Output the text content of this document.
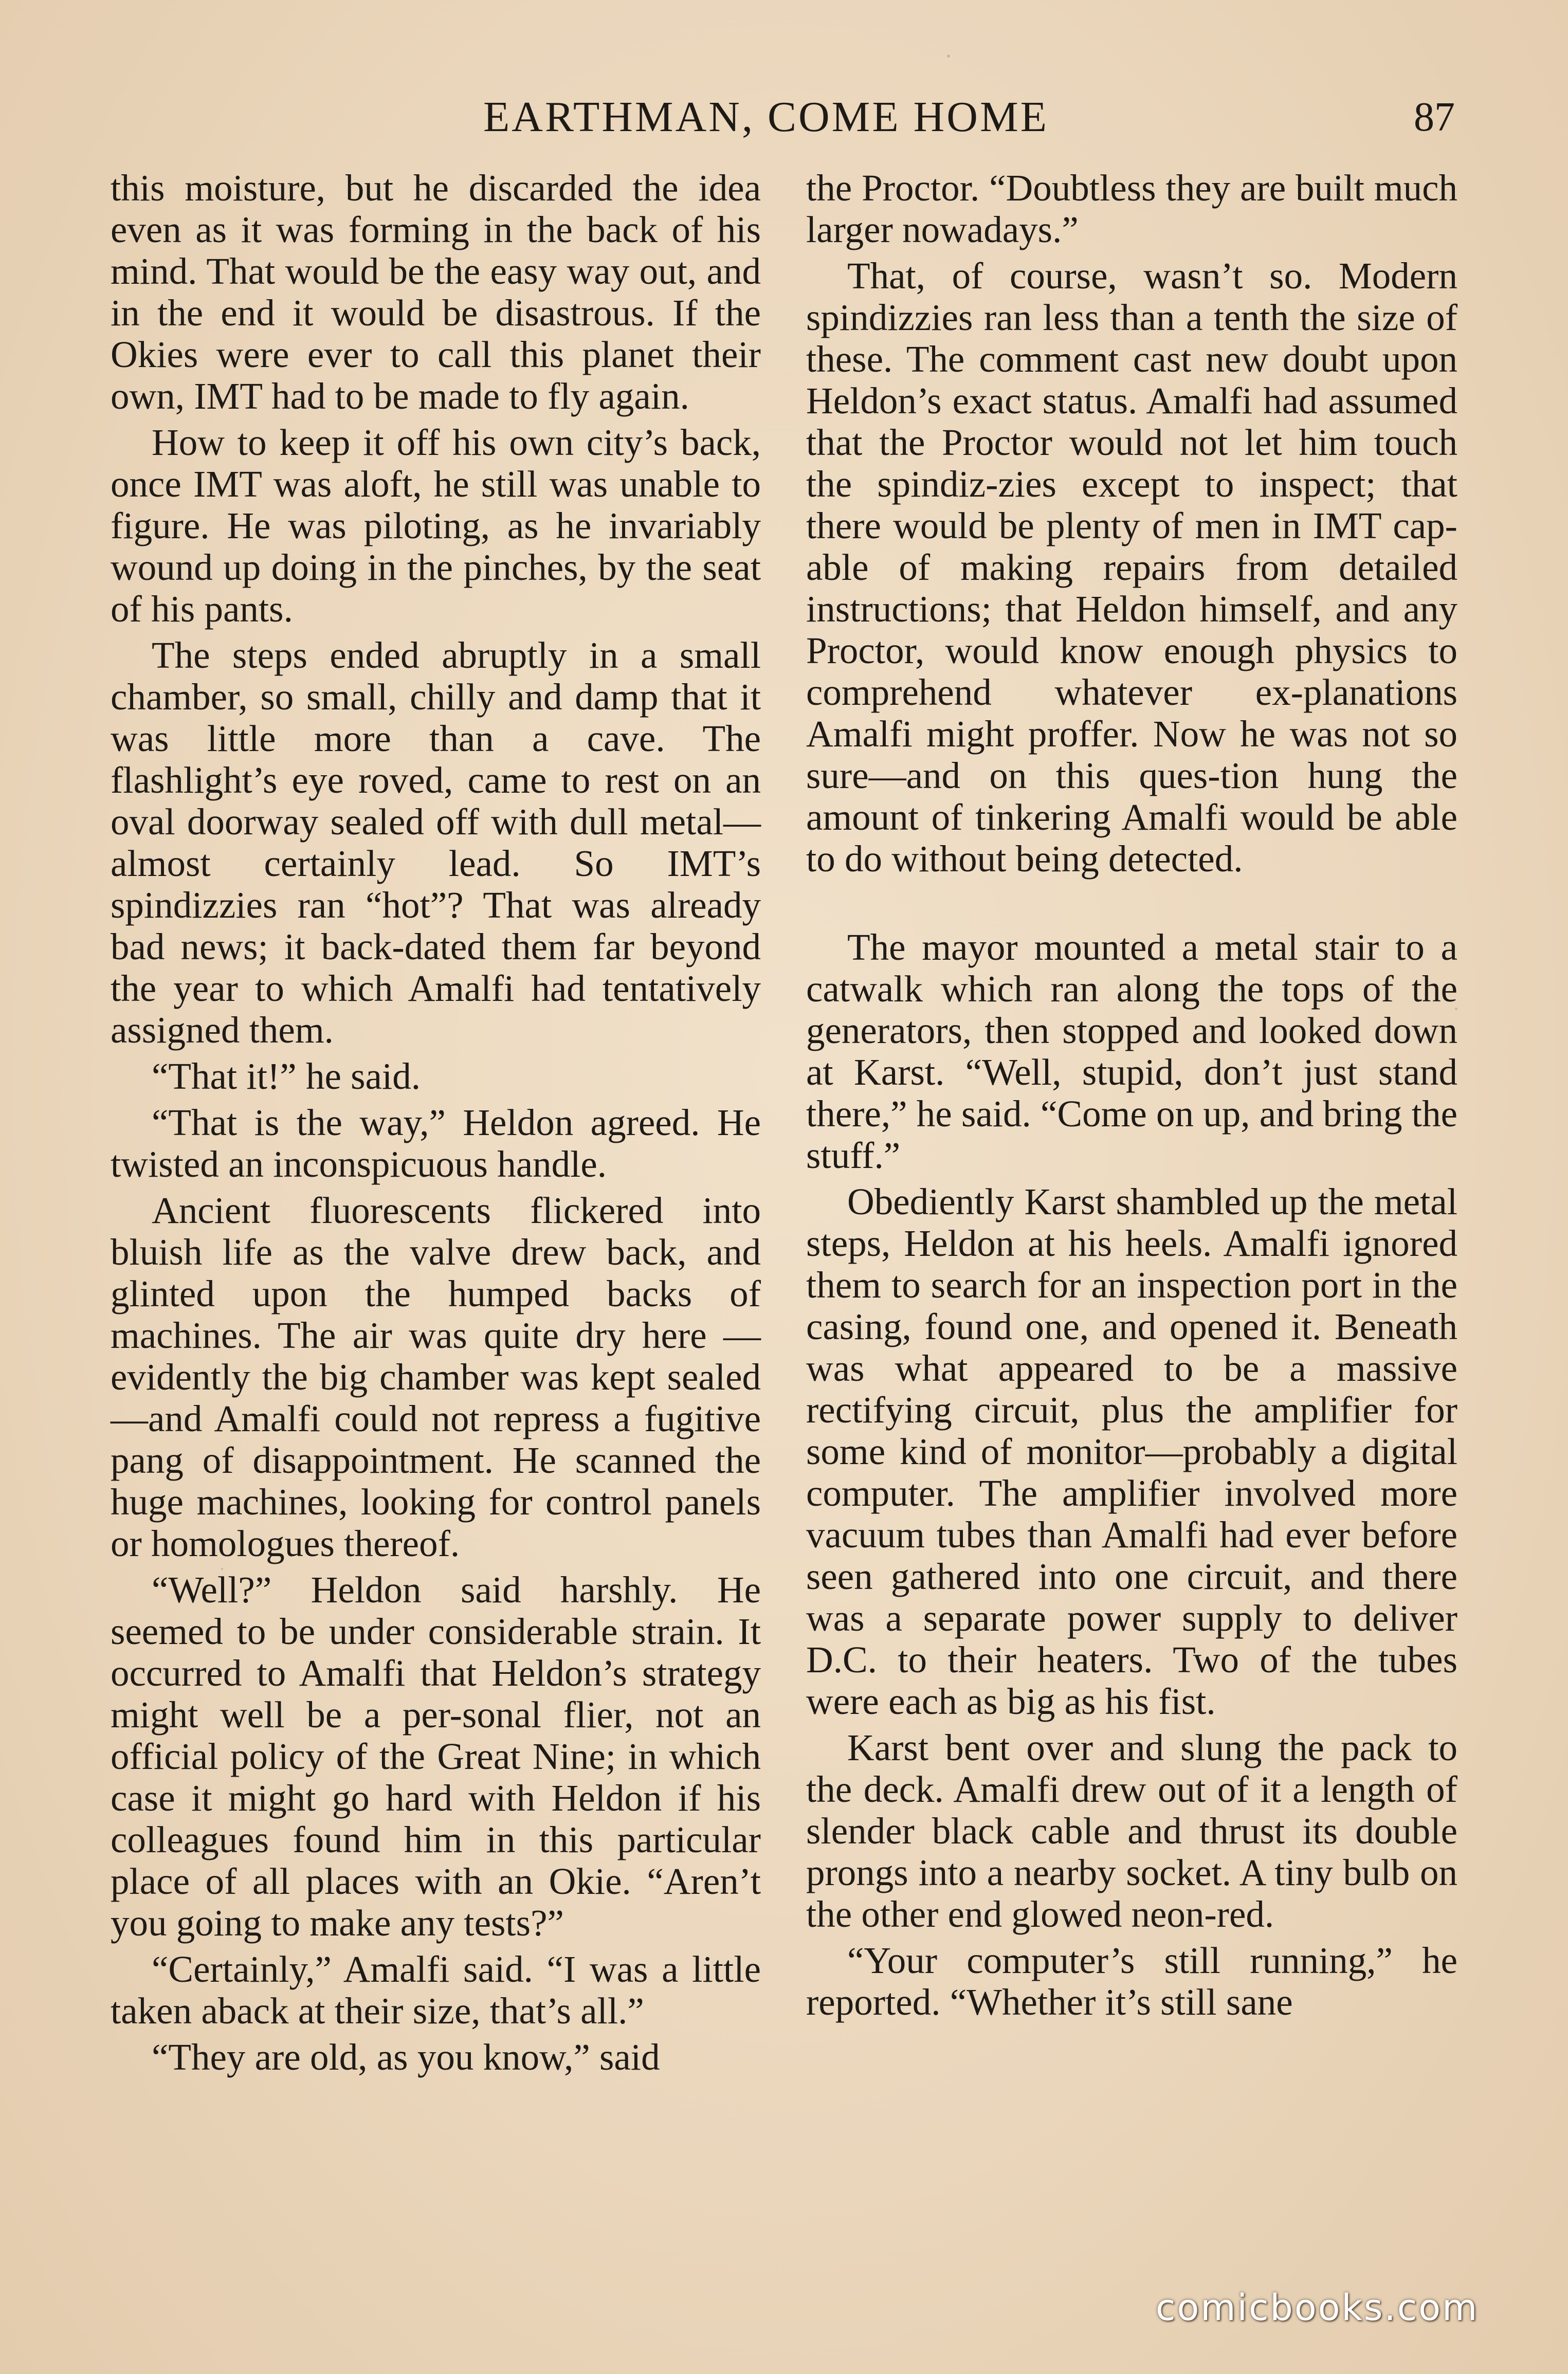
EARTHMAN, COME HOME	87

this moisture, but he discarded the idea even as it was forming in the back of his mind. That would be the easy way out, and in the end it would be disastrous. If the Okies were ever to call this planet their own, IMT had to be made to fly again.

How to keep it off his own city’s back, once IMT was aloft, he still was unable to figure. He was piloting, as he invariably wound up doing in the pinches, by the seat of his pants.

The steps ended abruptly in a small chamber, so small, chilly and damp that it was little more than a cave. The flashlight’s eye roved, came to rest on an oval doorway sealed off with dull metal—almost certainly lead. So IMT’s spindizzies ran “hot”? That was already bad news; it back-dated them far beyond the year to which Amalfi had tentatively assigned them.

“That it!” he said.

“That is the way,” Heldon agreed. He twisted an inconspicuous handle.

Ancient fluorescents flickered into bluish life as the valve drew back, and glinted upon the humped backs of machines. The air was quite dry here —evidently the big chamber was kept sealed—and Amalfi could not repress a fugitive pang of disappointment. He scanned the huge machines, looking for control panels or homologues thereof.

“Well?” Heldon said harshly. He seemed to be under considerable strain. It occurred to Amalfi that Heldon’s strategy might well be a per-sonal flier, not an official policy of the Great Nine; in which case it might go hard with Heldon if his colleagues found him in this particular place of all places with an Okie. “Aren’t you going to make any tests?”

“Certainly,” Amalfi said. “I was a little taken aback at their size, that’s all.”

“They are old, as you know,” said

the Proctor. “Doubtless they are built much larger nowadays.”

That, of course, wasn’t so. Modern spindizzies ran less than a tenth the size of these. The comment cast new doubt upon Heldon’s exact status. Amalfi had assumed that the Proctor would not let him touch the spindiz-zies except to inspect; that there would be plenty of men in IMT cap-able of making repairs from detailed instructions; that Heldon himself, and any Proctor, would know enough physics to comprehend whatever ex-planations Amalfi might proffer. Now he was not so sure—and on this ques-tion hung the amount of tinkering Amalfi would be able to do without being detected.

The mayor mounted a metal stair to a catwalk which ran along the tops of the generators, then stopped and looked down at Karst. “Well, stupid, don’t just stand there,” he said. “Come on up, and bring the stuff.”

Obediently Karst shambled up the metal steps, Heldon at his heels. Amalfi ignored them to search for an inspection port in the casing, found one, and opened it. Beneath was what appeared to be a massive rectifying circuit, plus the amplifier for some kind of monitor—probably a digital computer. The amplifier involved more vacuum tubes than Amalfi had ever before seen gathered into one circuit, and there was a separate power supply to deliver D.C. to their heaters. Two of the tubes were each as big as his fist.

Karst bent over and slung the pack to the deck. Amalfi drew out of it a length of slender black cable and thrust its double prongs into a nearby socket. A tiny bulb on the other end glowed neon-red.

“Your computer’s still running,” he reported. “Whether it’s still sane

comicbooks.com
